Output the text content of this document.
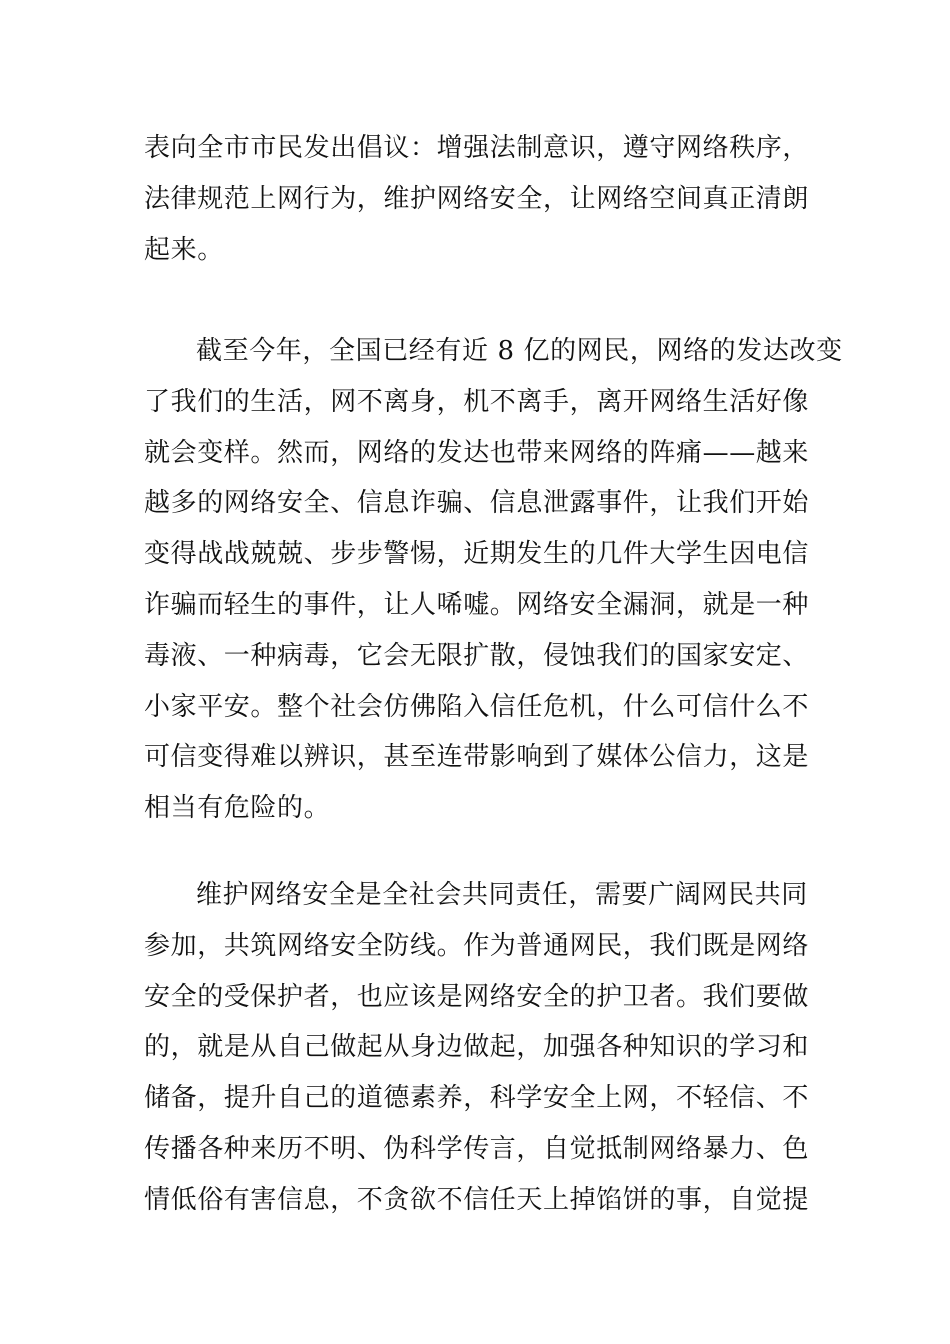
表向全市市民发出倡议：增强法制意识，遵守网络秩序，
法律规范上网行为，维护网络安全，让网络空间真正清朗
起来。

截至今年，全国已经有近 8 亿的网民，网络的发达改变
了我们的生活，网不离身，机不离手，离开网络生活好像
就会变样。然而，网络的发达也带来网络的阵痛——越来
越多的网络安全、信息诈骗、信息泄露事件，让我们开始
变得战战兢兢、步步警惕，近期发生的几件大学生因电信
诈骗而轻生的事件，让人唏嘘。网络安全漏洞，就是一种
毒液、一种病毒，它会无限扩散，侵蚀我们的国家安定、
小家平安。整个社会仿佛陷入信任危机，什么可信什么不
可信变得难以辨识，甚至连带影响到了媒体公信力，这是
相当有危险的。

维护网络安全是全社会共同责任，需要广阔网民共同
参加，共筑网络安全防线。作为普通网民，我们既是网络
安全的受保护者，也应该是网络安全的护卫者。我们要做
的，就是从自己做起从身边做起，加强各种知识的学习和
储备，提升自己的道德素养，科学安全上网，不轻信、不
传播各种来历不明、伪科学传言，自觉抵制网络暴力、色
情低俗有害信息，不贪欲不信任天上掉馅饼的事，自觉提
